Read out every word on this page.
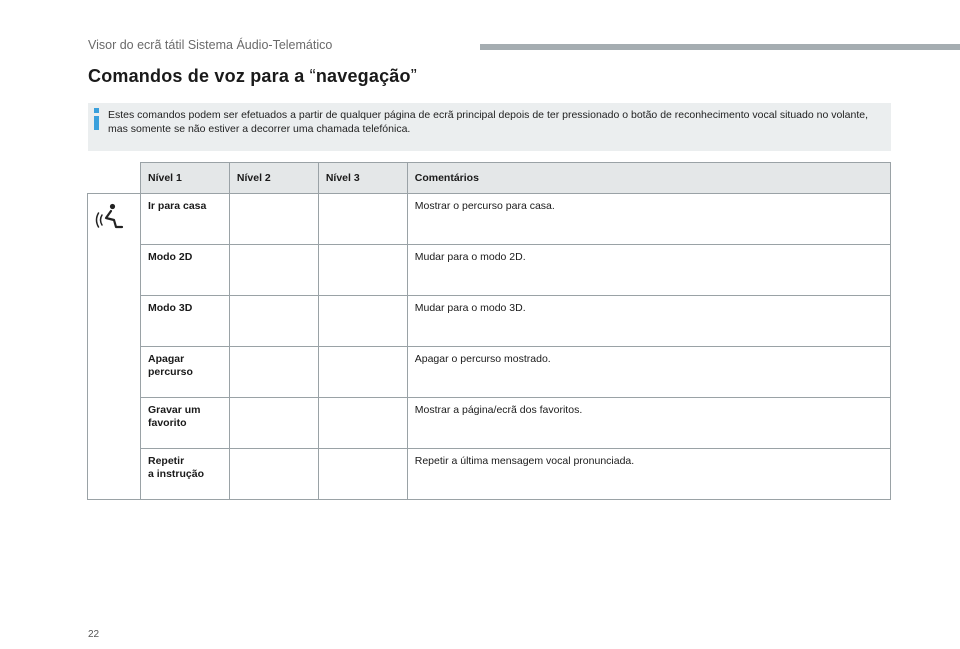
Visor do ecrã tátil Sistema Áudio-Telemático
Comandos de voz para a “navegação”
Estes comandos podem ser efetuados a partir de qualquer página de ecrã principal depois de ter pressionado o botão de reconhecimento vocal situado no volante, mas somente se não estiver a decorrer uma chamada telefónica.
	Nível 1	Nível 2	Nível 3	Comentários
	Ir para casa			Mostrar o percurso para casa.
	Modo 2D			Mudar para o modo 2D.
	Modo 3D			Mudar para o modo 3D.
	Apagar
percurso			Apagar o percurso mostrado.
	Gravar um
favorito			Mostrar a página/ecrã dos favoritos.
	Repetir
a instrução			Repetir a última mensagem vocal pronunciada.
22
